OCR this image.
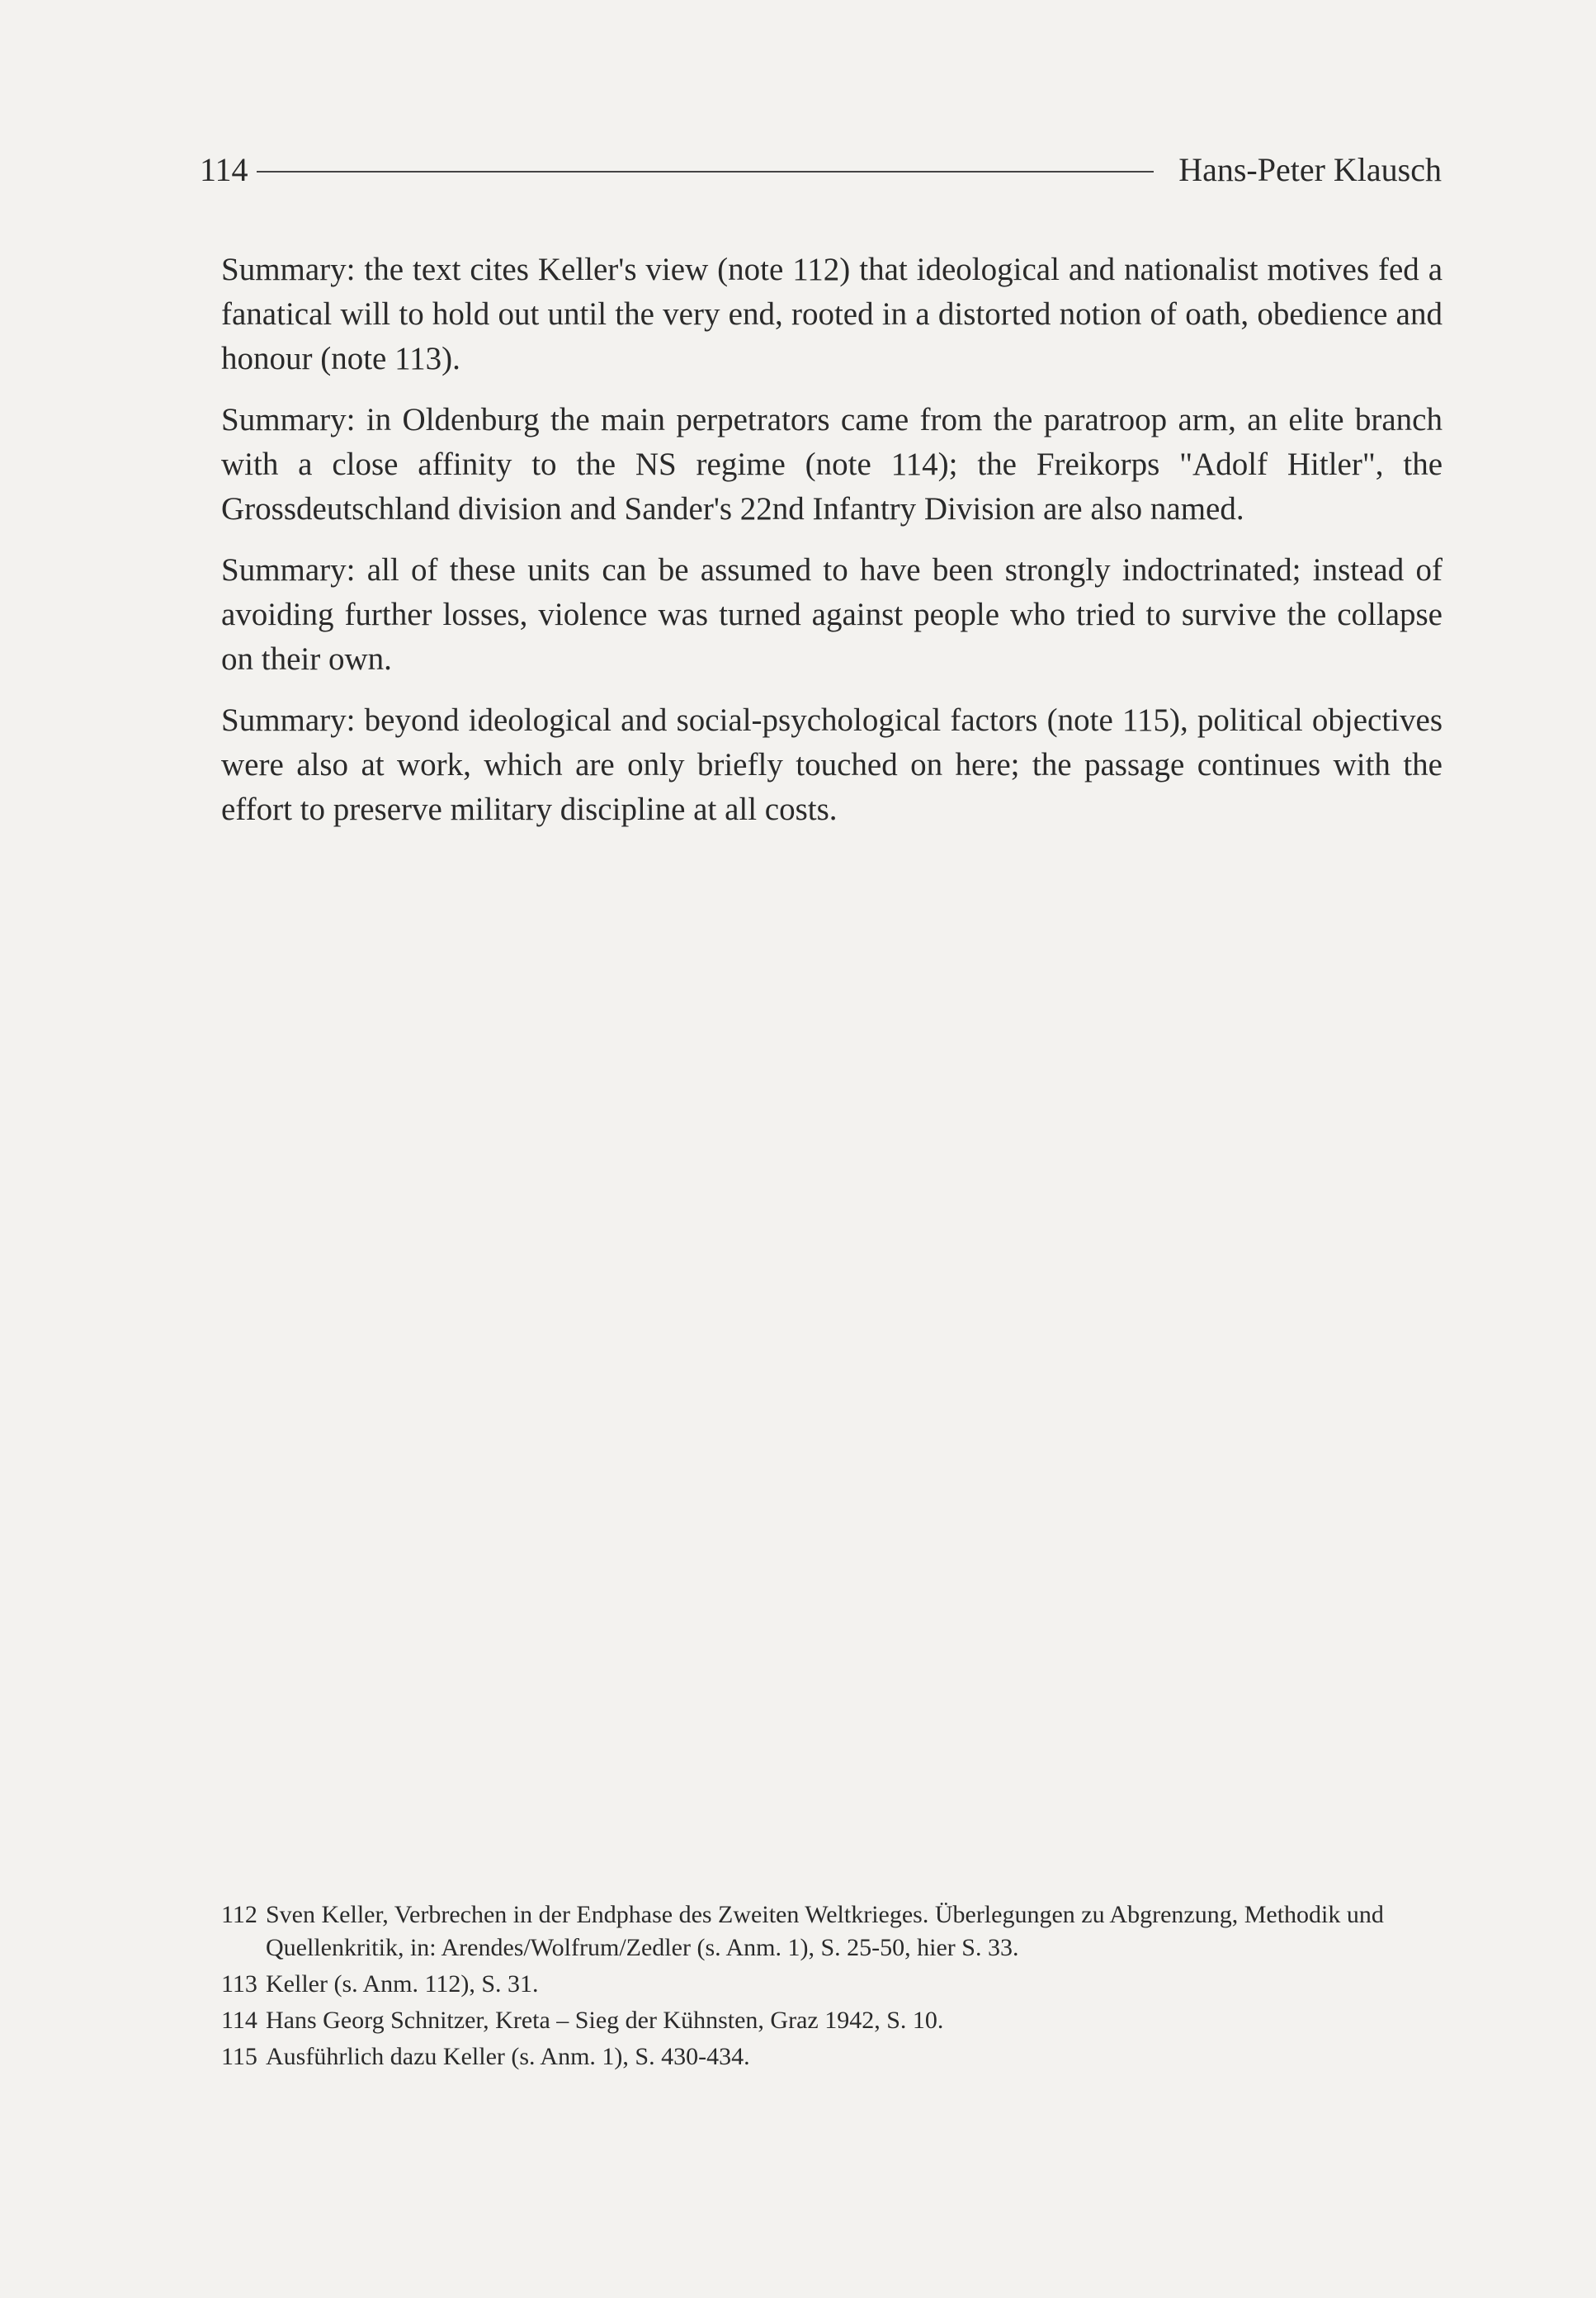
114	Hans-Peter Klausch

Summary: the text cites Keller's view (note 112) that ideological and nationalist motives fed a fanatical will to hold out until the very end, rooted in a distorted notion of oath, obedience and honour (note 113).

Summary: in Oldenburg the main perpetrators came from the paratroop arm, an elite branch with a close affinity to the NS regime (note 114); the Freikorps "Adolf Hitler", the Grossdeutschland division and Sander's 22nd Infantry Division are also named.

Summary: all of these units can be assumed to have been strongly indoctrinated; instead of avoiding further losses, violence was turned against people who tried to survive the collapse on their own.

Summary: beyond ideological and social-psychological factors (note 115), political objectives were also at work, which are only briefly touched on here; the passage continues with the effort to preserve military discipline at all costs.

112 Sven Keller, Verbrechen in der Endphase des Zweiten Weltkrieges. Überlegungen zu Abgrenzung, Methodik und Quellenkritik, in: Arendes/Wolfrum/Zedler (s. Anm. 1), S. 25-50, hier S. 33.
113 Keller (s. Anm. 112), S. 31.
114 Hans Georg Schnitzer, Kreta – Sieg der Kühnsten, Graz 1942, S. 10.
115 Ausführlich dazu Keller (s. Anm. 1), S. 430-434.
